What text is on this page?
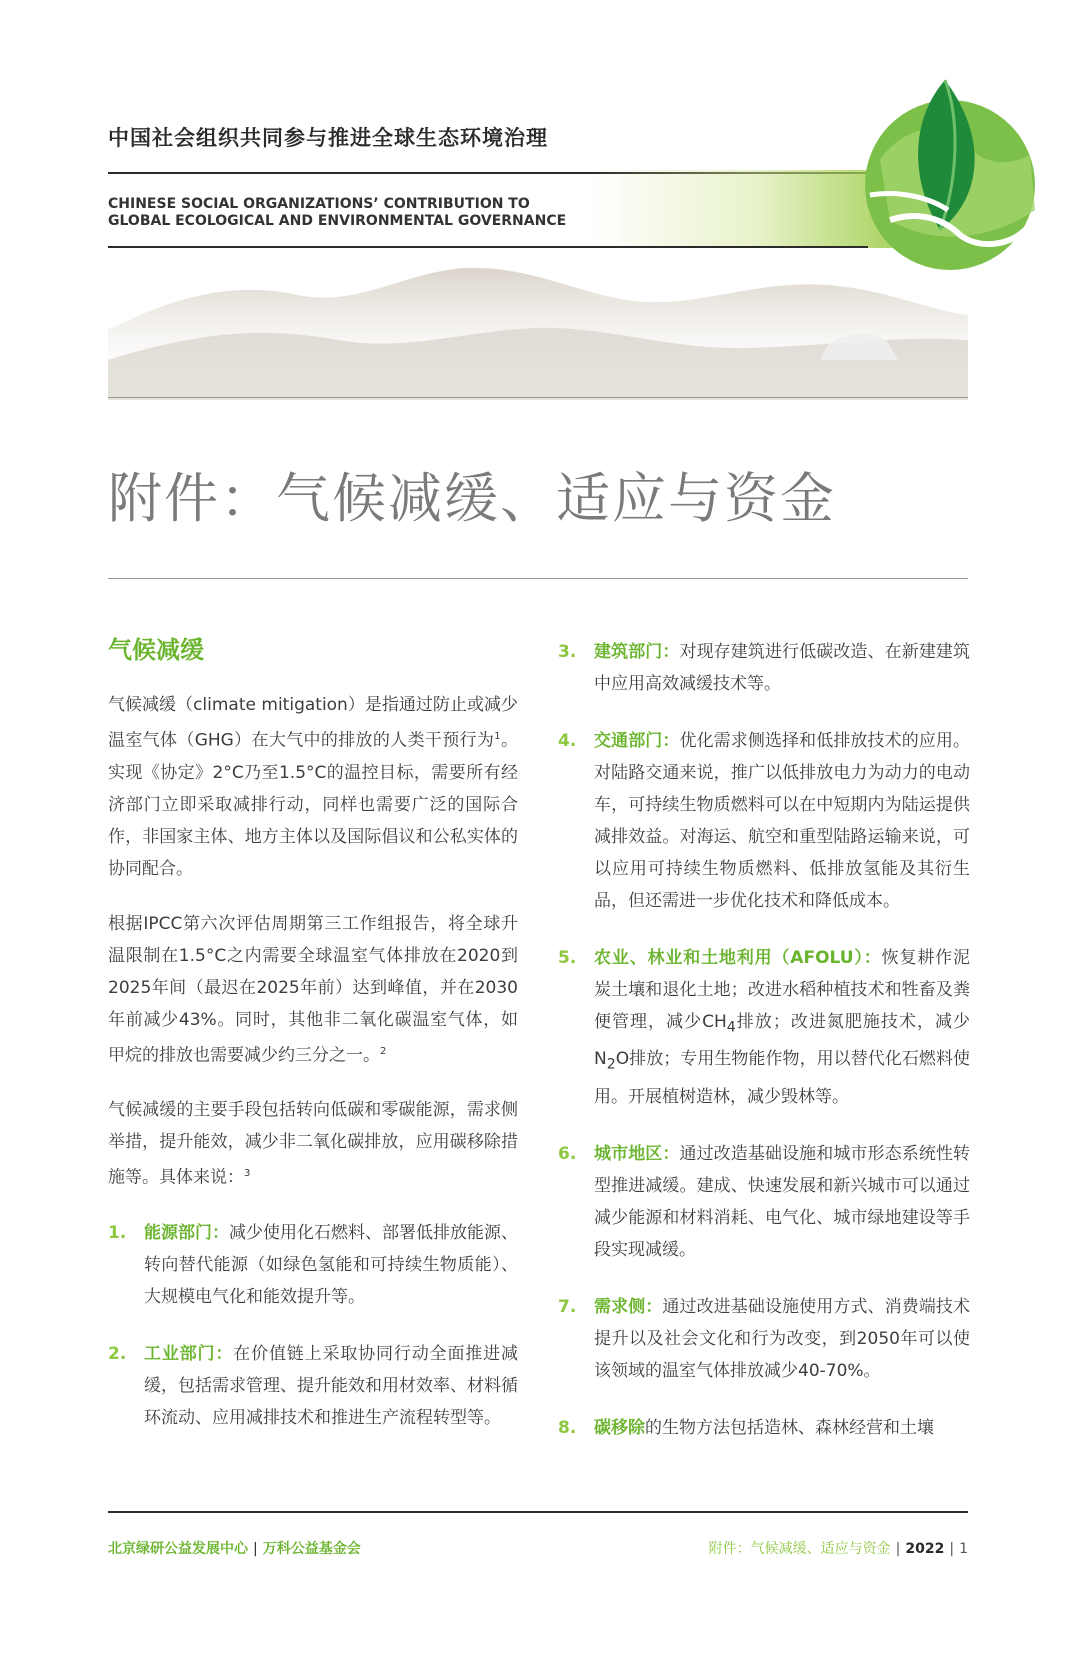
中国社会组织共同参与推进全球生态环境治理
CHINESE SOCIAL ORGANIZATIONS’ CONTRIBUTION TO
GLOBAL ECOLOGICAL AND ENVIRONMENTAL GOVERNANCE
附件：气候减缓、适应与资金
气候减缓

气候减缓（climate mitigation）是指通过防止或减少温室气体（GHG）在大气中的排放的人类干预行为$^1$。实现《协定》2°C乃至1.5°C的温控目标，需要所有经济部门立即采取减排行动，同样也需要广泛的国际合作，非国家主体、地方主体以及国际倡议和公私实体的协同配合。

根据IPCC第六次评估周期第三工作组报告，将全球升温限制在1.5°C之内需要全球温室气体排放在2020到2025年间（最迟在2025年前）达到峰值，并在2030年前减少43%。同时，其他非二氧化碳温室气体，如甲烷的排放也需要减少约三分之一。$^2$

气候减缓的主要手段包括转向低碳和零碳能源，需求侧举措，提升能效，减少非二氧化碳排放，应用碳移除措施等。具体来说：$^3$

1.	能源部门：减少使用化石燃料、部署低排放能源、转向替代能源（如绿色氢能和可持续生物质能）、大规模电气化和能效提升等。
2.	工业部门：在价值链上采取协同行动全面推进减缓，包括需求管理、提升能效和用材效率、材料循环流动、应用减排技术和推进生产流程转型等。
3.	建筑部门：对现存建筑进行低碳改造、在新建建筑中应用高效减缓技术等。
4.	交通部门：优化需求侧选择和低排放技术的应用。对陆路交通来说，推广以低排放电力为动力的电动车，可持续生物质燃料可以在中短期内为陆运提供减排效益。对海运、航空和重型陆路运输来说，可以应用可持续生物质燃料、低排放氢能及其衍生品，但还需进一步优化技术和降低成本。
5.	农业、林业和土地利用（AFOLU）：恢复耕作泥炭土壤和退化土地；改进水稻种植技术和牲畜及粪便管理，减少$CH_4$排放；改进氮肥施技术，减少$N_2O$排放；专用生物能作物，用以替代化石燃料使用。开展植树造林，减少毁林等。
6.	城市地区：通过改造基础设施和城市形态系统性转型推进减缓。建成、快速发展和新兴城市可以通过减少能源和材料消耗、电气化、城市绿地建设等手段实现减缓。
7.	需求侧：通过改进基础设施使用方式、消费端技术提升以及社会文化和行为改变，到2050年可以使该领域的温室气体排放减少40-70%。
8.	碳移除的生物方法包括造林、森林经营和土壤
北京绿研公益发展中心 | 万科公益基金会	附件：气候减缓、适应与资金 | 2022 | 1
